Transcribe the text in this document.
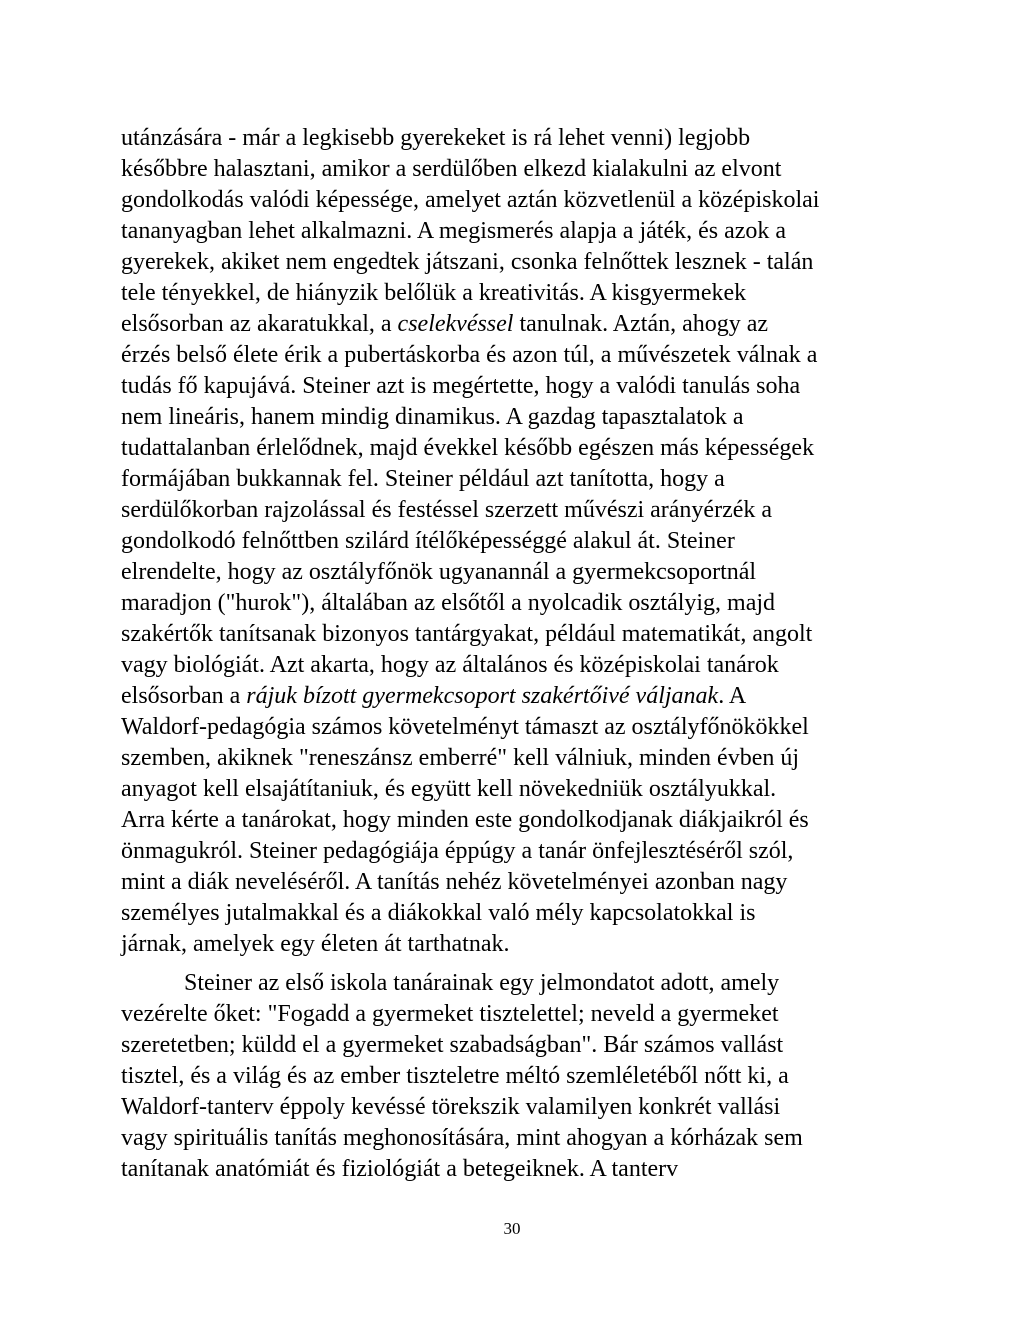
utánzására - már a legkisebb gyerekeket is rá lehet venni) legjobb
későbbre halasztani, amikor a serdülőben elkezd kialakulni az elvont
gondolkodás valódi képessége, amelyet aztán közvetlenül a középiskolai
tananyagban lehet alkalmazni. A megismerés alapja a játék, és azok a
gyerekek, akiket nem engedtek játszani, csonka felnőttek lesznek - talán
tele tényekkel, de hiányzik belőlük a kreativitás. A kisgyermekek
elsősorban az akaratukkal, a cselekvéssel tanulnak. Aztán, ahogy az
érzés belső élete érik a pubertáskorba és azon túl, a művészetek válnak a
tudás fő kapujává. Steiner azt is megértette, hogy a valódi tanulás soha
nem lineáris, hanem mindig dinamikus. A gazdag tapasztalatok a
tudattalanban érlelődnek, majd évekkel később egészen más képességek
formájában bukkannak fel. Steiner például azt tanította, hogy a
serdülőkorban rajzolással és festéssel szerzett művészi arányérzék a
gondolkodó felnőttben szilárd ítélőképességgé alakul át. Steiner
elrendelte, hogy az osztályfőnök ugyanannál a gyermekcsoportnál
maradjon ("hurok"), általában az elsőtől a nyolcadik osztályig, majd
szakértők tanítsanak bizonyos tantárgyakat, például matematikát, angolt
vagy biológiát. Azt akarta, hogy az általános és középiskolai tanárok
elsősorban a rájuk bízott gyermekcsoport szakértőivé váljanak. A
Waldorf-pedagógia számos követelményt támaszt az osztályfőnökökkel
szemben, akiknek "reneszánsz emberré" kell válniuk, minden évben új
anyagot kell elsajátítaniuk, és együtt kell növekedniük osztályukkal.
Arra kérte a tanárokat, hogy minden este gondolkodjanak diákjaikról és
önmagukról. Steiner pedagógiája éppúgy a tanár önfejlesztéséről szól,
mint a diák neveléséről. A tanítás nehéz követelményei azonban nagy
személyes jutalmakkal és a diákokkal való mély kapcsolatokkal is
járnak, amelyek egy életen át tarthatnak.
Steiner az első iskola tanárainak egy jelmondatot adott, amely
vezérelte őket: "Fogadd a gyermeket tisztelettel; neveld a gyermeket
szeretetben; küldd el a gyermeket szabadságban". Bár számos vallást
tisztel, és a világ és az ember tiszteletre méltó szemléletéből nőtt ki, a
Waldorf-tanterv éppoly kevéssé törekszik valamilyen konkrét vallási
vagy spirituális tanítás meghonosítására, mint ahogyan a kórházak sem
tanítanak anatómiát és fiziológiát a betegeiknek. A tanterv
30
